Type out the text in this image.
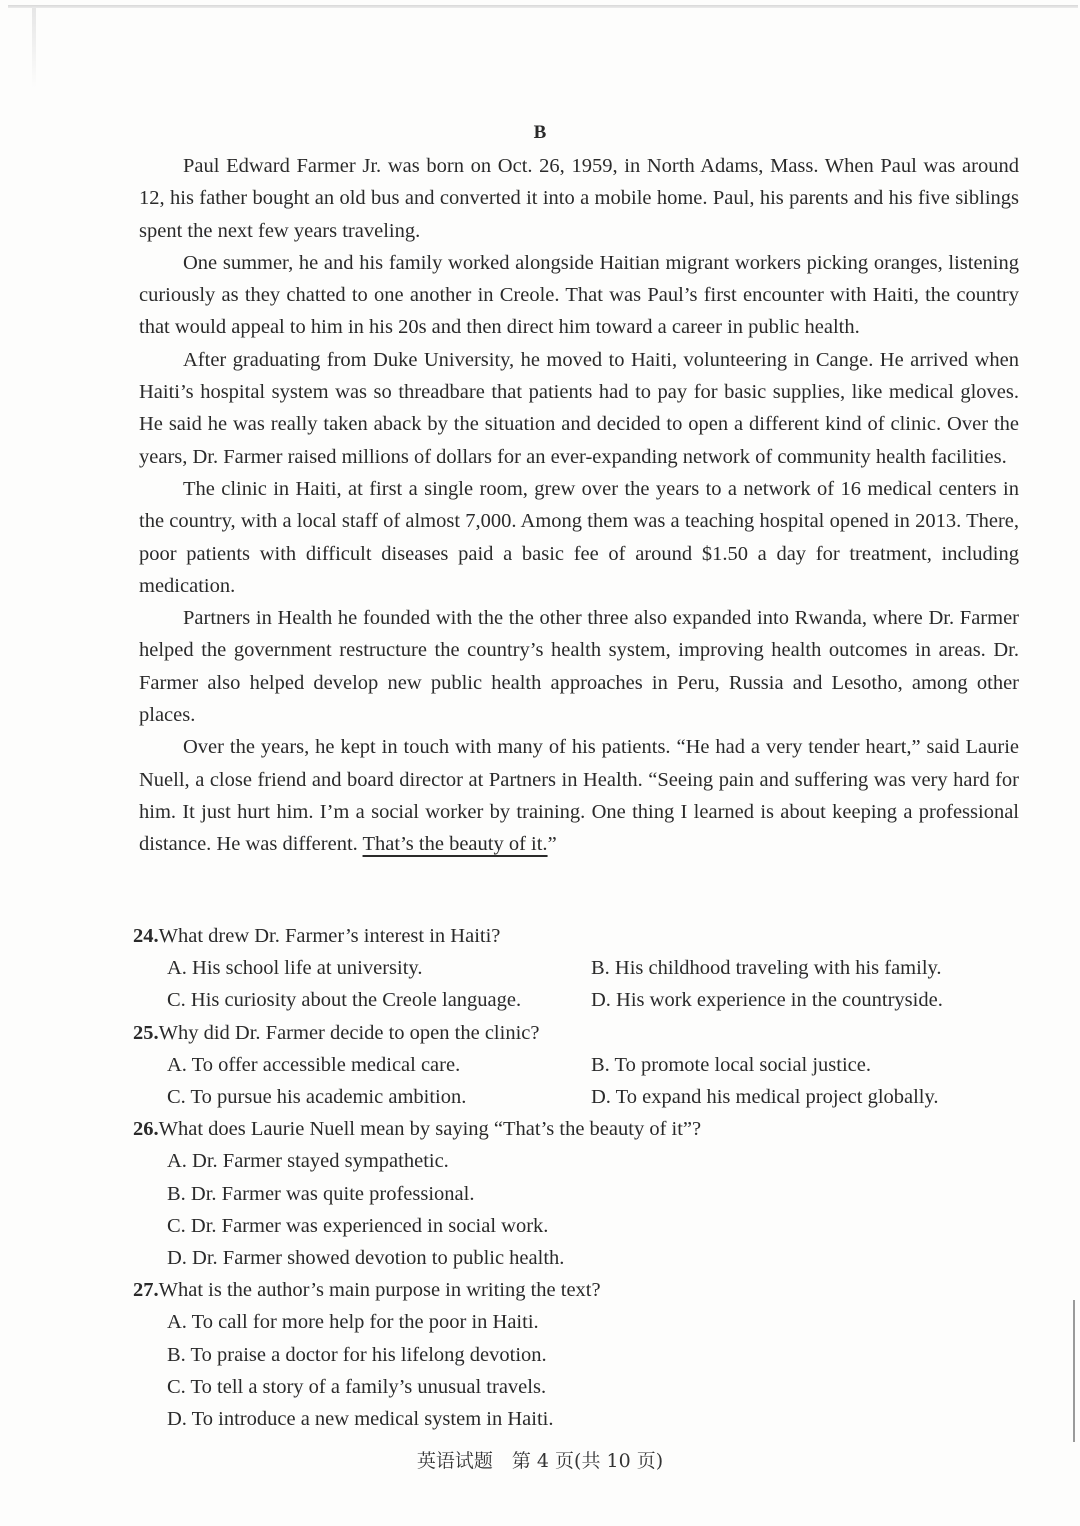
B

Paul Edward Farmer Jr. was born on Oct. 26, 1959, in North Adams, Mass. When Paul was around 12, his father bought an old bus and converted it into a mobile home. Paul, his parents and his five siblings spent the next few years traveling.

One summer, he and his family worked alongside Haitian migrant workers picking oranges, listening curiously as they chatted to one another in Creole. That was Paul’s first encounter with Haiti, the country that would appeal to him in his 20s and then direct him toward a career in public health.

After graduating from Duke University, he moved to Haiti, volunteering in Cange. He arrived when Haiti’s hospital system was so threadbare that patients had to pay for basic supplies, like medical gloves. He said he was really taken aback by the situation and decided to open a different kind of clinic. Over the years, Dr. Farmer raised millions of dollars for an ever-expanding network of community health facilities.

The clinic in Haiti, at first a single room, grew over the years to a network of 16 medical centers in the country, with a local staff of almost 7,000. Among them was a teaching hospital opened in 2013. There, poor patients with difficult diseases paid a basic fee of around $1.50 a day for treatment, including medication.

Partners in Health he founded with the the other three also expanded into Rwanda, where Dr. Farmer helped the government restructure the country’s health system, improving health outcomes in areas. Dr. Farmer also helped develop new public health approaches in Peru, Russia and Lesotho, among other places.

Over the years, he kept in touch with many of his patients. “He had a very tender heart,” said Laurie Nuell, a close friend and board director at Partners in Health. “Seeing pain and suffering was very hard for him. It just hurt him. I’m a social worker by training. One thing I learned is about keeping a professional distance. He was different. That’s the beauty of it.”

24.What drew Dr. Farmer’s interest in Haiti?

A. His school life at university.	B. His childhood traveling with his family.
C. His curiosity about the Creole language.	D. His work experience in the countryside.

25.Why did Dr. Farmer decide to open the clinic?

A. To offer accessible medical care.	B. To promote local social justice.
C. To pursue his academic ambition.	D. To expand his medical project globally.

26.What does Laurie Nuell mean by saying “That’s the beauty of it”?

A. Dr. Farmer stayed sympathetic.
B. Dr. Farmer was quite professional.
C. Dr. Farmer was experienced in social work.
D. Dr. Farmer showed devotion to public health.

27.What is the author’s main purpose in writing the text?

A. To call for more help for the poor in Haiti.
B. To praise a doctor for his lifelong devotion.
C. To tell a story of a family’s unusual travels.
D. To introduce a new medical system in Haiti.
英语试题　第 4 页(共 10 页)
